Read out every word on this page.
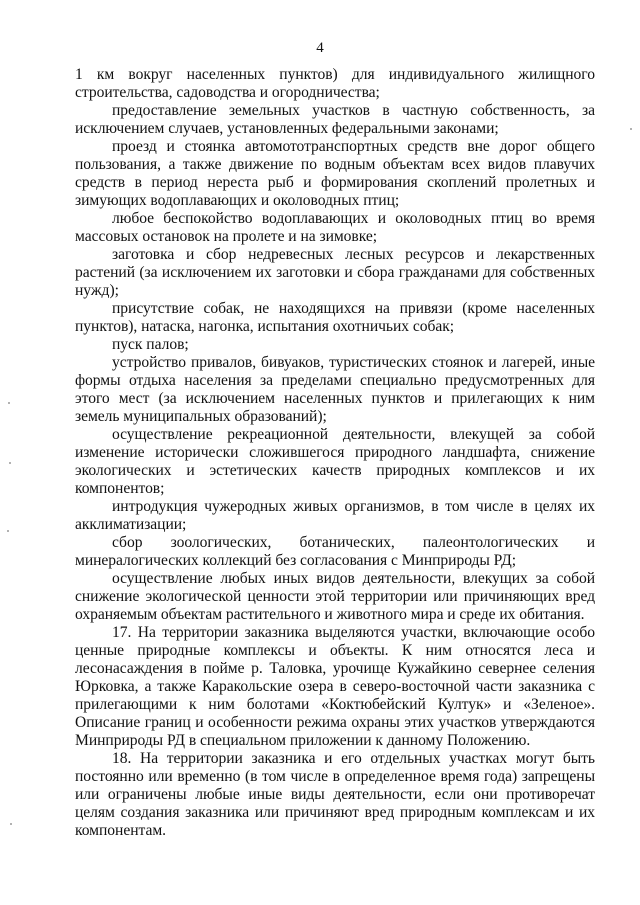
4

1 км вокруг населенных пунктов) для индивидуального жилищного строительства, садоводства и огородничества;

предоставление земельных участков в частную собственность, за исключением случаев, установленных федеральными законами;

проезд и стоянка автомототранспортных средств вне дорог общего пользования, а также движение по водным объектам всех видов плавучих средств в период нереста рыб и формирования скоплений пролетных и зимующих водоплавающих и околоводных птиц;

любое беспокойство водоплавающих и околоводных птиц во время массовых остановок на пролете и на зимовке;

заготовка и сбор недревесных лесных ресурсов и лекарственных растений (за исключением их заготовки и сбора гражданами для собственных нужд);

присутствие собак, не находящихся на привязи (кроме населенных пунктов), натаска, нагонка, испытания охотничьих собак;

пуск палов;

устройство привалов, бивуаков, туристических стоянок и лагерей, иные формы отдыха населения за пределами специально предусмотренных для этого мест (за исключением населенных пунктов и прилегающих к ним земель муниципальных образований);

осуществление рекреационной деятельности, влекущей за собой изменение исторически сложившегося природного ландшафта, снижение экологических и эстетических качеств природных комплексов и их компонентов;

интродукция чужеродных живых организмов, в том числе в целях их акклиматизации;

сбор зоологических, ботанических, палеонтологических и минералогических коллекций без согласования с Минприроды РД;

осуществление любых иных видов деятельности, влекущих за собой снижение экологической ценности этой территории или причиняющих вред охраняемым объектам растительного и животного мира и среде их обитания.

17. На территории заказника выделяются участки, включающие особо ценные природные комплексы и объекты. К ним относятся леса и лесонасаждения в пойме р. Таловка, урочище Кужайкино севернее селения Юрковка, а также Каракольские озера в северо-восточной части заказника с прилегающими к ним болотами «Коктюбейский Култук» и «Зеленое». Описание границ и особенности режима охраны этих участков утверждаются Минприроды РД в специальном приложении к данному Положению.

18. На территории заказника и его отдельных участках могут быть постоянно или временно (в том числе в определенное время года) запрещены или ограничены любые иные виды деятельности, если они противоречат целям создания заказника или причиняют вред природным комплексам и их компонентам.
